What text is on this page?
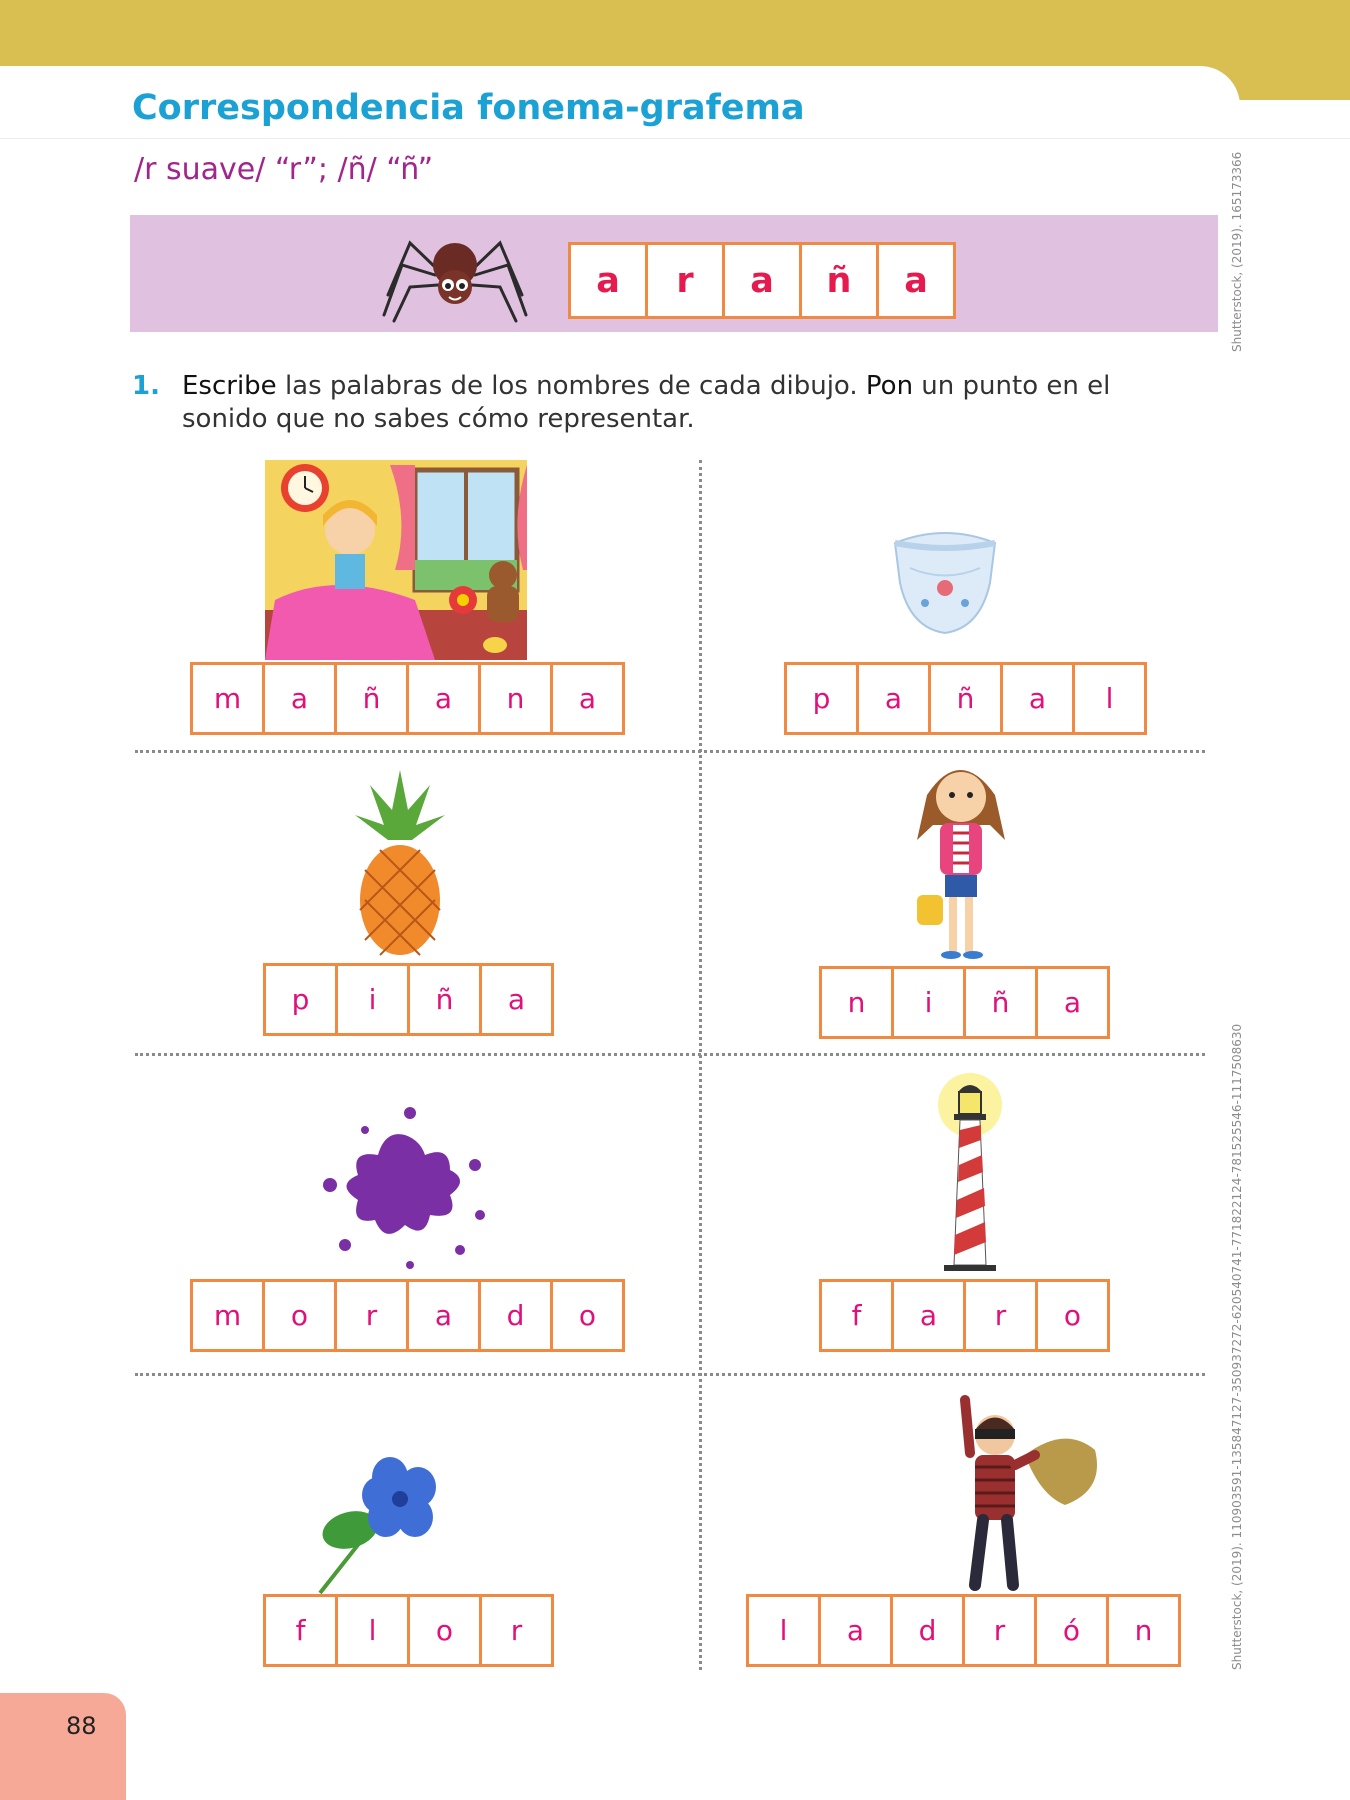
Correspondencia fonema-grafema
/r suave/ “r”; /ñ/ “ñ”
a	r	a	ñ	a
1. Escribe las palabras de los nombres de cada dibujo. Pon un punto en el sonido que no sabes cómo representar.
m	a	ñ	a	n	a	p	a	ñ	a	l
p	i	ñ	a	n	i	ñ	a
m	o	r	a	d	o	f	a	r	o
f	l	o	r	l	a	d	r	ó	n
Shutterstock, (2019). 165173366
Shutterstock, (2019). 110903591-135847127-350937272-620540741-771822124-781525546-1117508630
88
